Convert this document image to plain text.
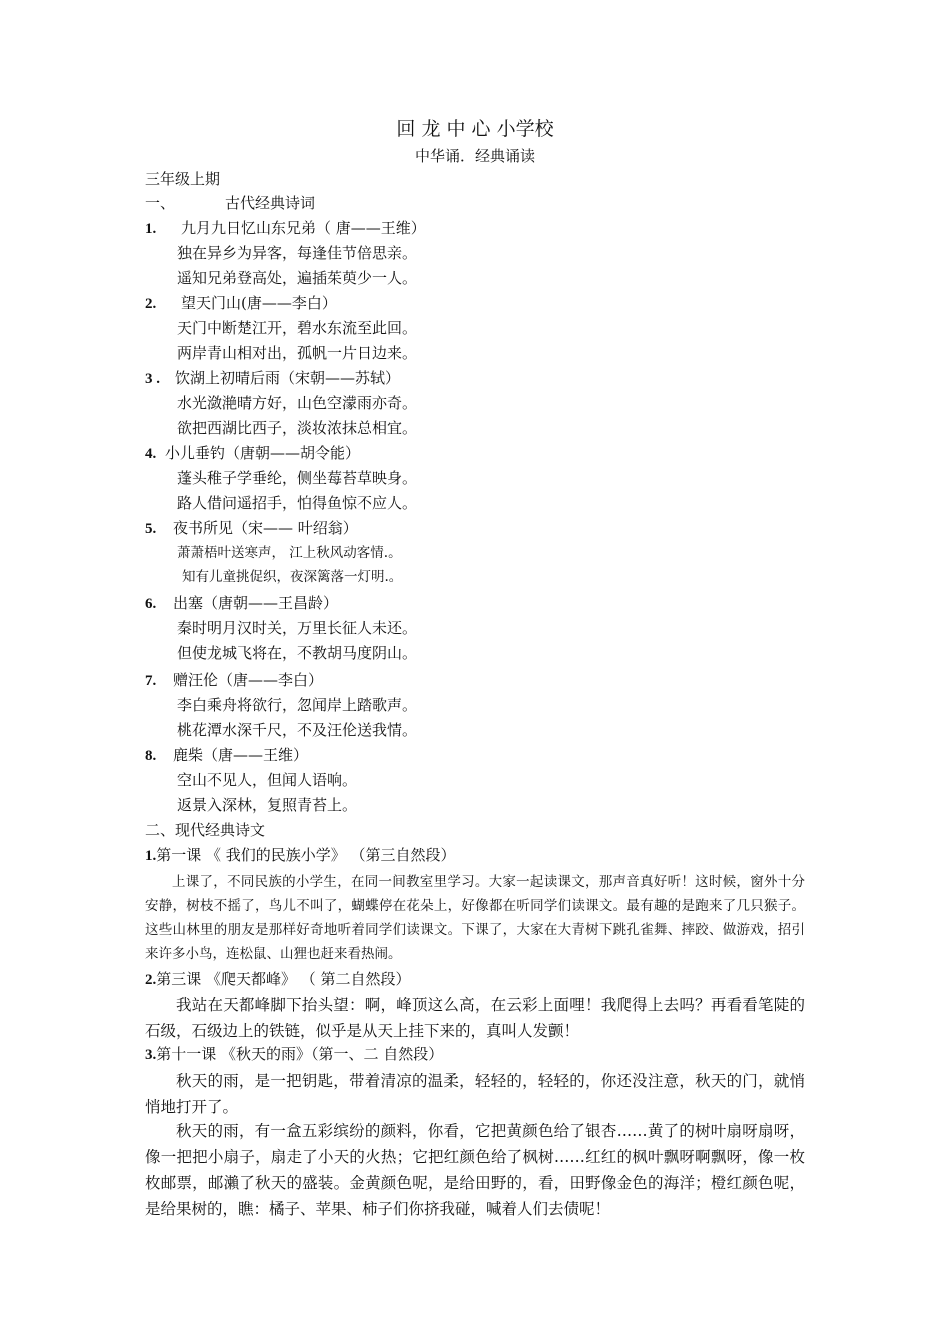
回 龙 中 心 小学校
中华诵．经典诵读
三年级上期
一、	古代经典诗词
1. 九月九日忆山东兄弟（ 唐——王维）
独在异乡为异客，每逢佳节倍思亲。
遥知兄弟登高处，遍插茱萸少一人。
2. 望天门山(唐——李白）
天门中断楚江开，碧水东流至此回。
两岸青山相对出，孤帆一片日边来。
3 . 饮湖上初晴后雨（宋朝——苏轼）
水光潋滟晴方好，山色空濛雨亦奇。
欲把西湖比西子，淡妆浓抹总相宜。
4. 小儿垂钓（唐朝——胡令能）
蓬头稚子学垂纶，侧坐莓苔草映身。
路人借问遥招手，怕得鱼惊不应人。
5. 夜书所见（宋—— 叶绍翁）
萧萧梧叶送寒声， 江上秋风动客情.。
知有儿童挑促织，夜深篱落一灯明.。
6. 出塞（唐朝——王昌龄）
秦时明月汉时关，万里长征人未还。
但使龙城飞将在，不教胡马度阴山。
7. 赠汪伦（唐——李白）
李白乘舟将欲行，忽闻岸上踏歌声。
桃花潭水深千尺，不及汪伦送我情。
8. 鹿柴（唐——王维）
空山不见人，但闻人语响。
返景入深林，复照青苔上。
二、现代经典诗文
1.第一课 《 我们的民族小学》 （第三自然段）
上课了，不同民族的小学生，在同一间教室里学习。大家一起读课文，那声音真好听！这时候，窗外十分安静，树枝不摇了，鸟儿不叫了，蝴蝶停在花朵上，好像都在听同学们读课文。最有趣的是跑来了几只猴子。这些山林里的朋友是那样好奇地听着同学们读课文。下课了，大家在大青树下跳孔雀舞、摔跤、做游戏，招引来许多小鸟，连松鼠、山狸也赶来看热闹。
2.第三课 《爬天都峰》 （ 第二自然段）
我站在天都峰脚下抬头望：啊，峰顶这么高，在云彩上面哩！我爬得上去吗？再看看笔陡的石级，石级边上的铁链，似乎是从天上挂下来的，真叫人发颤！
3.第十一课 《秋天的雨》（第一、二 自然段）
秋天的雨，是一把钥匙，带着清凉的温柔，轻轻的，轻轻的，你还没注意，秋天的门，就悄悄地打开了。
秋天的雨，有一盒五彩缤纷的颜料，你看，它把黄颜色给了银杏……黄了的树叶扇呀扇呀，像一把把小扇子，扇走了小天的火热；它把红颜色给了枫树……红红的枫叶飘呀啊飘呀，像一枚枚邮票，邮瀨了秋天的盛装。金黄颜色呢，是给田野的，看，田野像金色的海洋；橙红颜色呢，是给果树的，瞧：橘子、苹果、柿子们你挤我碰，喊着人们去债呢！
